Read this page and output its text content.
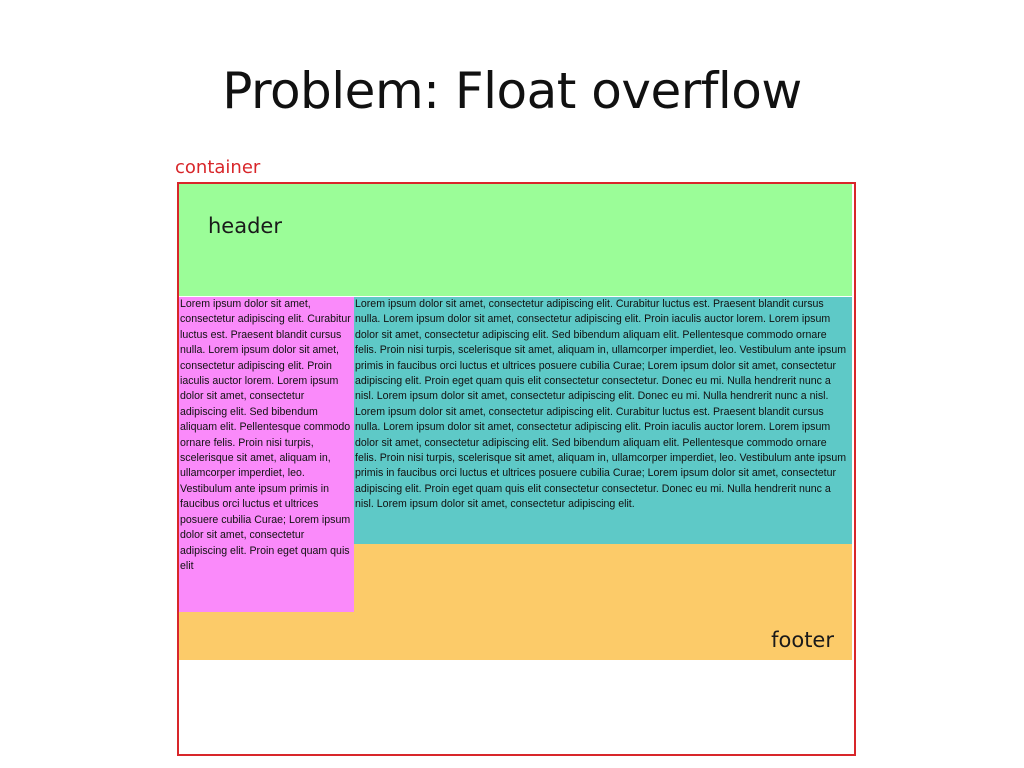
Problem: Float overflow
container
header
footer
Lorem ipsum dolor sit amet, consectetur adipiscing elit. Curabitur luctus est. Praesent blandit cursus nulla. Lorem ipsum dolor sit amet, consectetur adipiscing elit. Proin iaculis auctor lorem. Lorem ipsum dolor sit amet, consectetur adipiscing elit. Sed bibendum aliquam elit. Pellentesque commodo ornare felis. Proin nisi turpis, scelerisque sit amet, aliquam in, ullamcorper imperdiet, leo. Vestibulum ante ipsum primis in faucibus orci luctus et ultrices posuere cubilia Curae; Lorem ipsum dolor sit amet, consectetur adipiscing elit. Proin eget quam quis elit
Lorem ipsum dolor sit amet, consectetur adipiscing elit. Curabitur luctus est. Praesent blandit cursus nulla. Lorem ipsum dolor sit amet, consectetur adipiscing elit. Proin iaculis auctor lorem. Lorem ipsum dolor sit amet, consectetur adipiscing elit. Sed bibendum aliquam elit. Pellentesque commodo ornare felis. Proin nisi turpis, scelerisque sit amet, aliquam in, ullamcorper imperdiet, leo. Vestibulum ante ipsum primis in faucibus orci luctus et ultrices posuere cubilia Curae; Lorem ipsum dolor sit amet, consectetur adipiscing elit. Proin eget quam quis elit consectetur consectetur. Donec eu mi. Nulla hendrerit nunc a nisl. Lorem ipsum dolor sit amet, consectetur adipiscing elit. Donec eu mi. Nulla hendrerit nunc a nisl. Lorem ipsum dolor sit amet, consectetur adipiscing elit. Curabitur luctus est. Praesent blandit cursus nulla. Lorem ipsum dolor sit amet, consectetur adipiscing elit. Proin iaculis auctor lorem. Lorem ipsum dolor sit amet, consectetur adipiscing elit. Sed bibendum aliquam elit. Pellentesque commodo ornare felis. Proin nisi turpis, scelerisque sit amet, aliquam in, ullamcorper imperdiet, leo. Vestibulum ante ipsum primis in faucibus orci luctus et ultrices posuere cubilia Curae; Lorem ipsum dolor sit amet, consectetur adipiscing elit. Proin eget quam quis elit consectetur consectetur. Donec eu mi. Nulla hendrerit nunc a nisl. Lorem ipsum dolor sit amet, consectetur adipiscing elit.
